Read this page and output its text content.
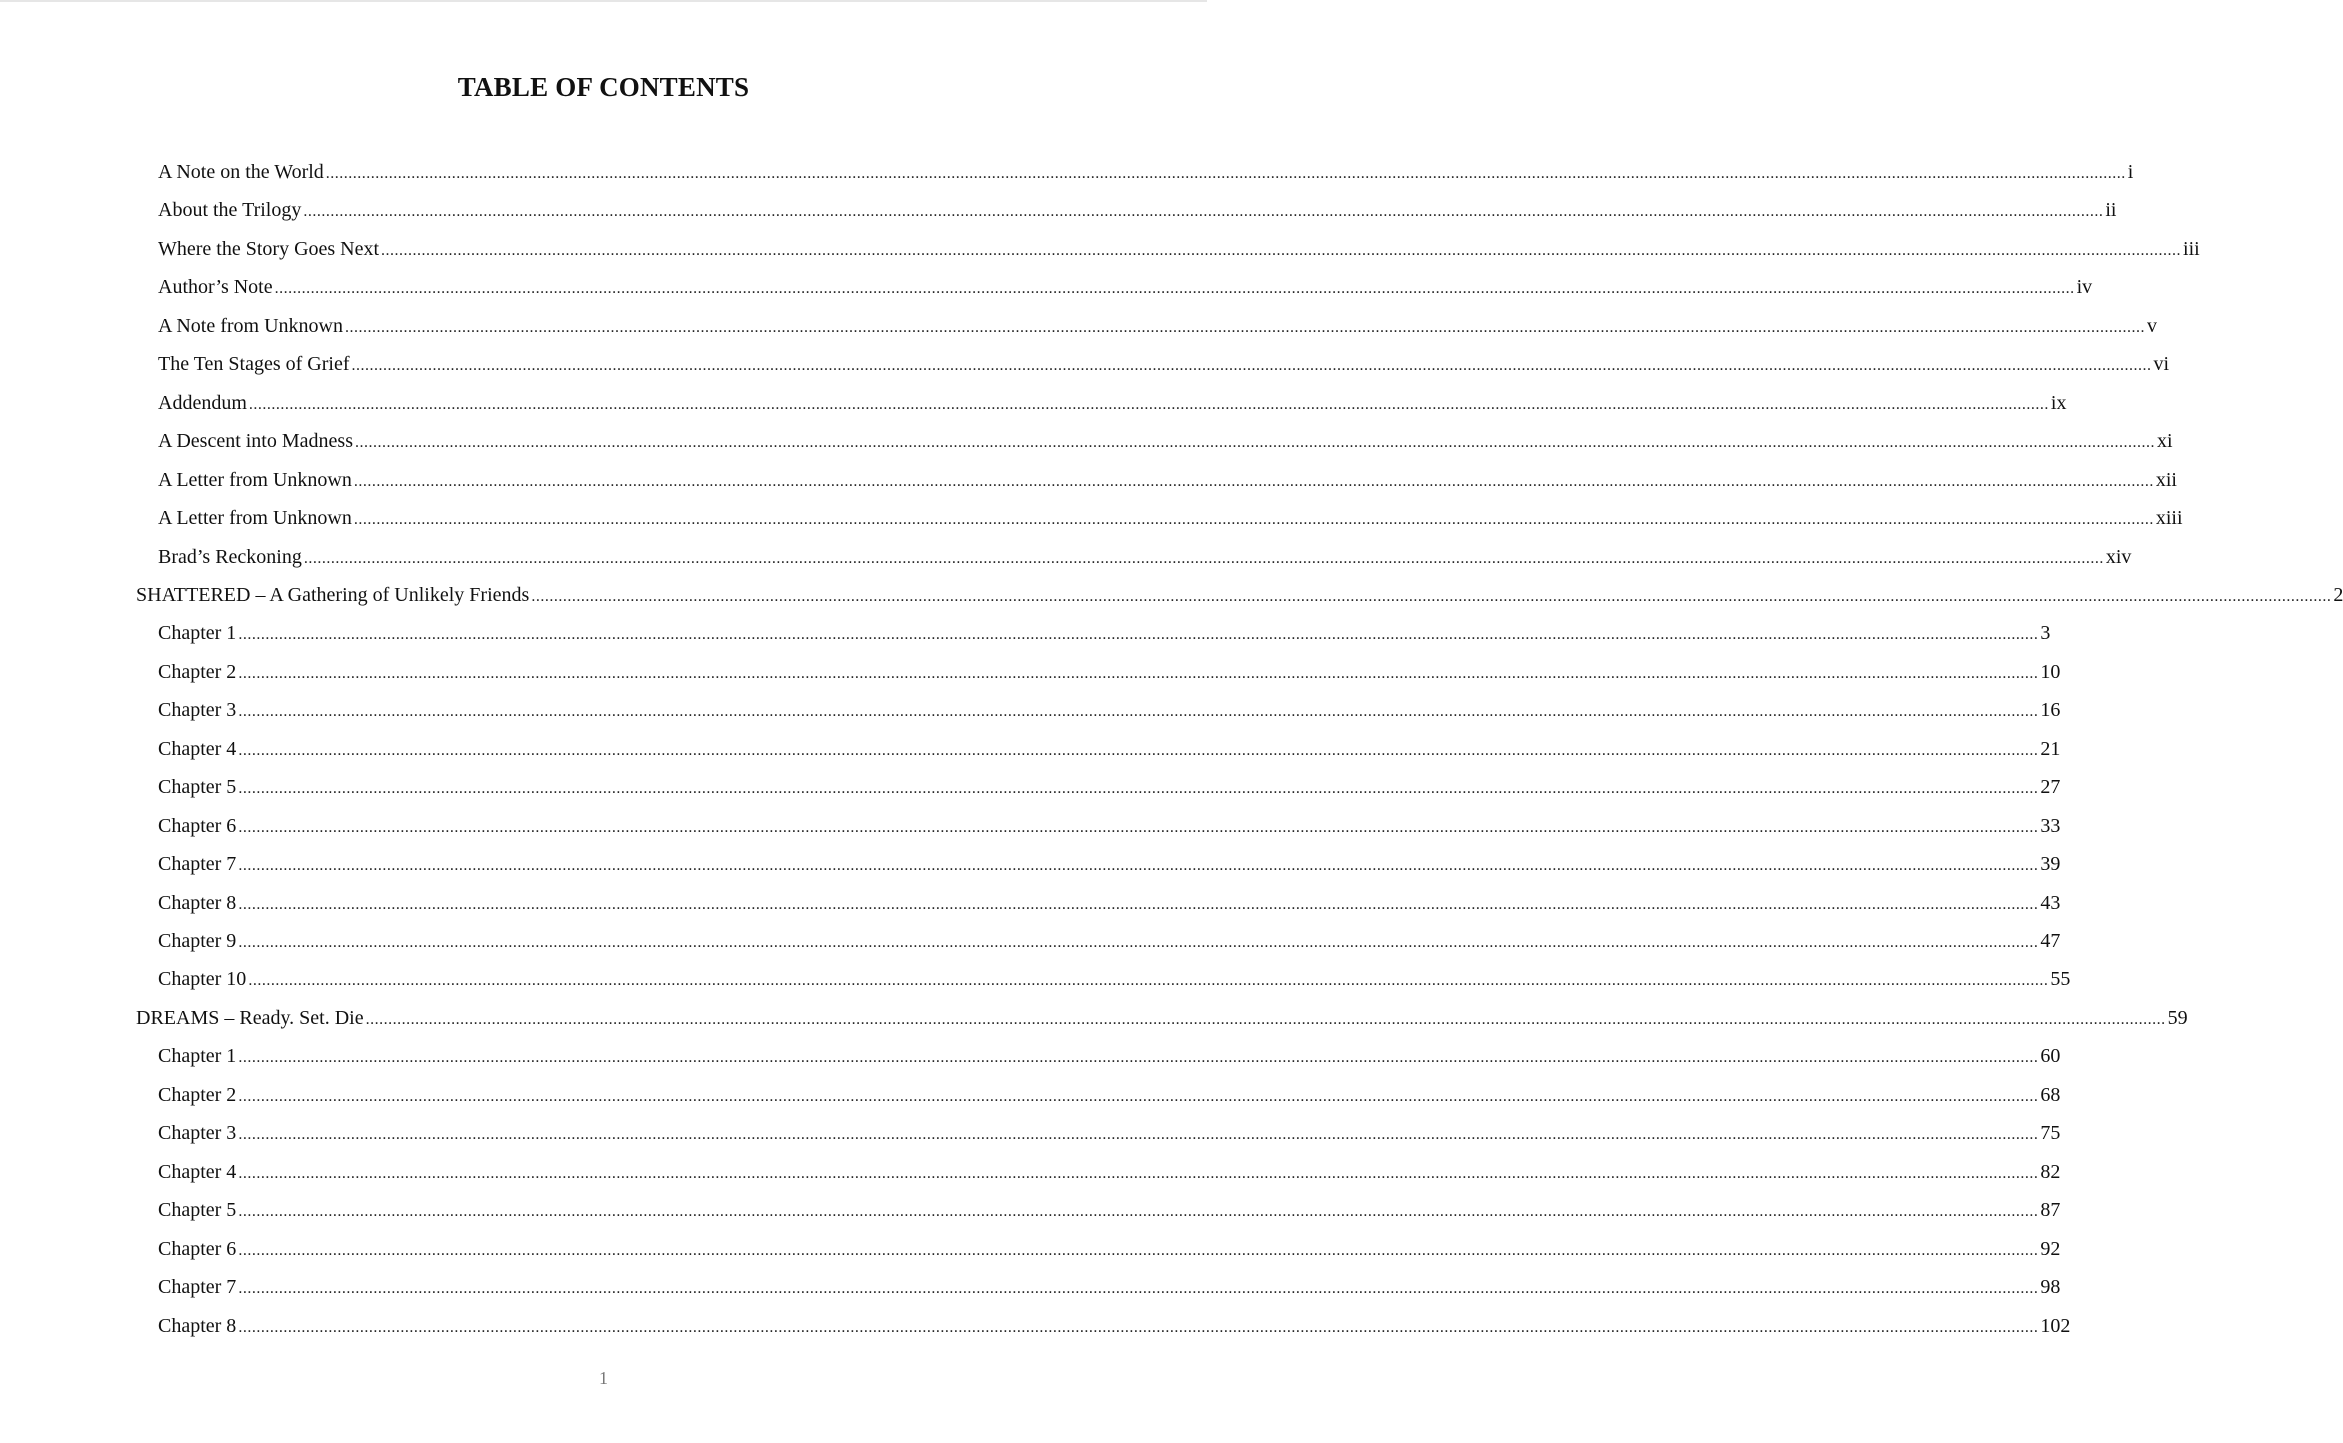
TABLE OF CONTENTS
A Note on the World ................................................................................................................................................................................................................................................................................................................................................................................................................ i
About the Trilogy ................................................................................................................................................................................................................................................................................................................................................................................................................ ii
Where the Story Goes Next ................................................................................................................................................................................................................................................................................................................................................................................................................ iii
Author’s Note ................................................................................................................................................................................................................................................................................................................................................................................................................ iv
A Note from Unknown ................................................................................................................................................................................................................................................................................................................................................................................................................ v
The Ten Stages of Grief ................................................................................................................................................................................................................................................................................................................................................................................................................ vi
Addendum ................................................................................................................................................................................................................................................................................................................................................................................................................ ix
A Descent into Madness ................................................................................................................................................................................................................................................................................................................................................................................................................ xi
A Letter from Unknown ................................................................................................................................................................................................................................................................................................................................................................................................................ xii
A Letter from Unknown ................................................................................................................................................................................................................................................................................................................................................................................................................ xiii
Brad’s Reckoning ................................................................................................................................................................................................................................................................................................................................................................................................................ xiv
SHATTERED – A Gathering of Unlikely Friends ................................................................................................................................................................................................................................................................................................................................................................................................................ 2
Chapter 1 ................................................................................................................................................................................................................................................................................................................................................................................................................ 3
Chapter 2 ................................................................................................................................................................................................................................................................................................................................................................................................................ 10
Chapter 3 ................................................................................................................................................................................................................................................................................................................................................................................................................ 16
Chapter 4 ................................................................................................................................................................................................................................................................................................................................................................................................................ 21
Chapter 5 ................................................................................................................................................................................................................................................................................................................................................................................................................ 27
Chapter 6 ................................................................................................................................................................................................................................................................................................................................................................................................................ 33
Chapter 7 ................................................................................................................................................................................................................................................................................................................................................................................................................ 39
Chapter 8 ................................................................................................................................................................................................................................................................................................................................................................................................................ 43
Chapter 9 ................................................................................................................................................................................................................................................................................................................................................................................................................ 47
Chapter 10 ................................................................................................................................................................................................................................................................................................................................................................................................................ 55
DREAMS – Ready. Set. Die ................................................................................................................................................................................................................................................................................................................................................................................................................ 59
Chapter 1 ................................................................................................................................................................................................................................................................................................................................................................................................................ 60
Chapter 2 ................................................................................................................................................................................................................................................................................................................................................................................................................ 68
Chapter 3 ................................................................................................................................................................................................................................................................................................................................................................................................................ 75
Chapter 4 ................................................................................................................................................................................................................................................................................................................................................................................................................ 82
Chapter 5 ................................................................................................................................................................................................................................................................................................................................................................................................................ 87
Chapter 6 ................................................................................................................................................................................................................................................................................................................................................................................................................ 92
Chapter 7 ................................................................................................................................................................................................................................................................................................................................................................................................................ 98
Chapter 8 ................................................................................................................................................................................................................................................................................................................................................................................................................ 102
1
